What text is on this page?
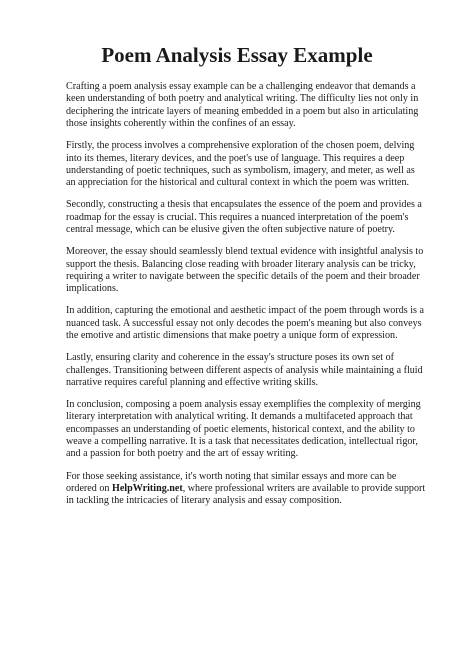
Poem Analysis Essay Example

Crafting a poem analysis essay example can be a challenging endeavor that demands a keen understanding of both poetry and analytical writing. The difficulty lies not only in deciphering the intricate layers of meaning embedded in a poem but also in articulating those insights coherently within the confines of an essay.

Firstly, the process involves a comprehensive exploration of the chosen poem, delving into its themes, literary devices, and the poet's use of language. This requires a deep understanding of poetic techniques, such as symbolism, imagery, and meter, as well as an appreciation for the historical and cultural context in which the poem was written.

Secondly, constructing a thesis that encapsulates the essence of the poem and provides a roadmap for the essay is crucial. This requires a nuanced interpretation of the poem's central message, which can be elusive given the often subjective nature of poetry.

Moreover, the essay should seamlessly blend textual evidence with insightful analysis to support the thesis. Balancing close reading with broader literary analysis can be tricky, requiring a writer to navigate between the specific details of the poem and their broader implications.

In addition, capturing the emotional and aesthetic impact of the poem through words is a nuanced task. A successful essay not only decodes the poem's meaning but also conveys the emotive and artistic dimensions that make poetry a unique form of expression.

Lastly, ensuring clarity and coherence in the essay's structure poses its own set of challenges. Transitioning between different aspects of analysis while maintaining a fluid narrative requires careful planning and effective writing skills.

In conclusion, composing a poem analysis essay exemplifies the complexity of merging literary interpretation with analytical writing. It demands a multifaceted approach that encompasses an understanding of poetic elements, historical context, and the ability to weave a compelling narrative. It is a task that necessitates dedication, intellectual rigor, and a passion for both poetry and the art of essay writing.

For those seeking assistance, it's worth noting that similar essays and more can be ordered on HelpWriting.net, where professional writers are available to provide support in tackling the intricacies of literary analysis and essay composition.
